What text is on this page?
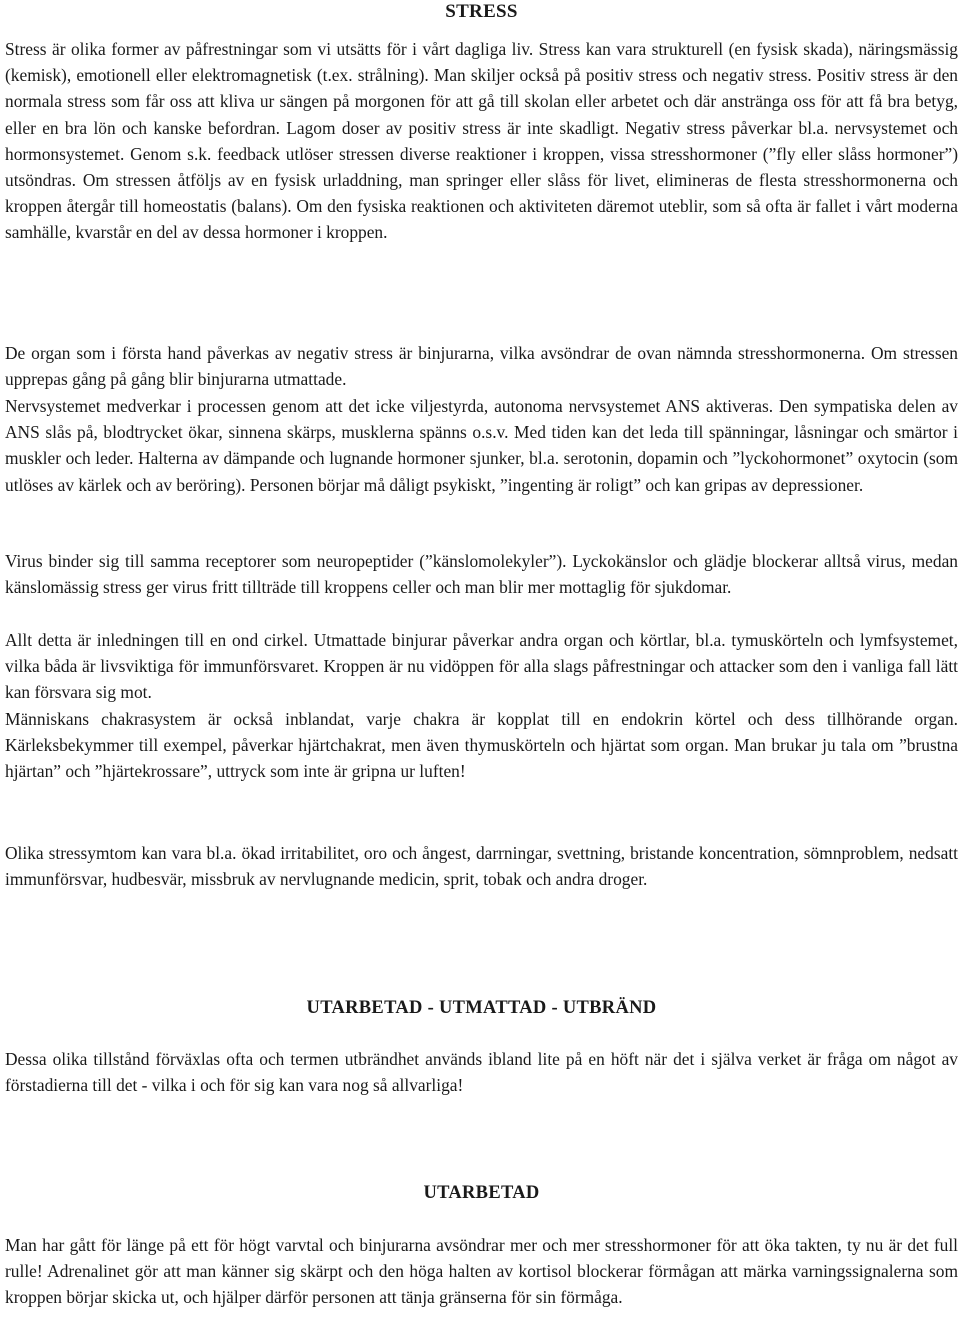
STRESS

Stress är olika former av påfrestningar som vi utsätts för i vårt dagliga liv. Stress kan vara strukturell (en fysisk skada), näringsmässig (kemisk), emotionell eller elektromagnetisk (t.ex. strålning). Man skiljer också på positiv stress och negativ stress. Positiv stress är den normala stress som får oss att kliva ur sängen på morgonen för att gå till skolan eller arbetet och där anstränga oss för att få bra betyg, eller en bra lön och kanske befordran. Lagom doser av positiv stress är inte skadligt. Negativ stress påverkar bl.a. nervsystemet och hormonsystemet. Genom s.k. feedback utlöser stressen diverse reaktioner i kroppen, vissa stresshormoner (”fly eller slåss hormoner”) utsöndras. Om stressen åtföljs av en fysisk urladdning, man springer eller slåss för livet, elimineras de flesta stresshormonerna och kroppen återgår till homeostatis (balans). Om den fysiska reaktionen och aktiviteten däremot uteblir, som så ofta är fallet i vårt moderna samhälle, kvarstår en del av dessa hormoner i kroppen.

De organ som i första hand påverkas av negativ stress är binjurarna, vilka avsöndrar de ovan nämnda stresshormonerna. Om stressen upprepas gång på gång blir binjurarna utmattade.

Nervsystemet medverkar i processen genom att det icke viljestyrda, autonoma nervsystemet ANS aktiveras. Den sympatiska delen av ANS slås på, blodtrycket ökar, sinnena skärps, musklerna spänns o.s.v. Med tiden kan det leda till spänningar, låsningar och smärtor i muskler och leder. Halterna av dämpande och lugnande hormoner sjunker, bl.a. serotonin, dopamin och ”lyckohormonet” oxytocin (som utlöses av kärlek och av beröring). Personen börjar må dåligt psykiskt, ”ingenting är roligt” och kan gripas av depressioner.

Virus binder sig till samma receptorer som neuropeptider (”känslomolekyler”). Lyckokänslor och glädje blockerar alltså virus, medan känslomässig stress ger virus fritt tillträde till kroppens celler och man blir mer mottaglig för sjukdomar.

Allt detta är inledningen till en ond cirkel. Utmattade binjurar påverkar andra organ och körtlar, bl.a. tymuskörteln och lymfsystemet, vilka båda är livsviktiga för immunförsvaret. Kroppen är nu vidöppen för alla slags påfrestningar och attacker som den i vanliga fall lätt kan försvara sig mot.

Människans chakrasystem är också inblandat, varje chakra är kopplat till en endokrin körtel och dess tillhörande organ. Kärleksbekymmer till exempel, påverkar hjärtchakrat, men även thymuskörteln och hjärtat som organ. Man brukar ju tala om ”brustna hjärtan” och ”hjärtekrossare”, uttryck som inte är gripna ur luften!

Olika stressymtom kan vara bl.a. ökad irritabilitet, oro och ångest, darrningar, svettning, bristande koncentration, sömnproblem, nedsatt immunförsvar, hudbesvär, missbruk av nervlugnande medicin, sprit, tobak och andra droger.

UTARBETAD - UTMATTAD - UTBRÄND

Dessa olika tillstånd förväxlas ofta och termen utbrändhet används ibland lite på en höft när det i själva verket är fråga om något av förstadierna till det - vilka i och för sig kan vara nog så allvarliga!

UTARBETAD

Man har gått för länge på ett för högt varvtal och binjurarna avsöndrar mer och mer stresshormoner för att öka takten, ty nu är det full rulle! Adrenalinet gör att man känner sig skärpt och den höga halten av kortisol blockerar förmågan att märka varningssignalerna som kroppen börjar skicka ut, och hjälper därför personen att tänja gränserna för sin förmåga.
